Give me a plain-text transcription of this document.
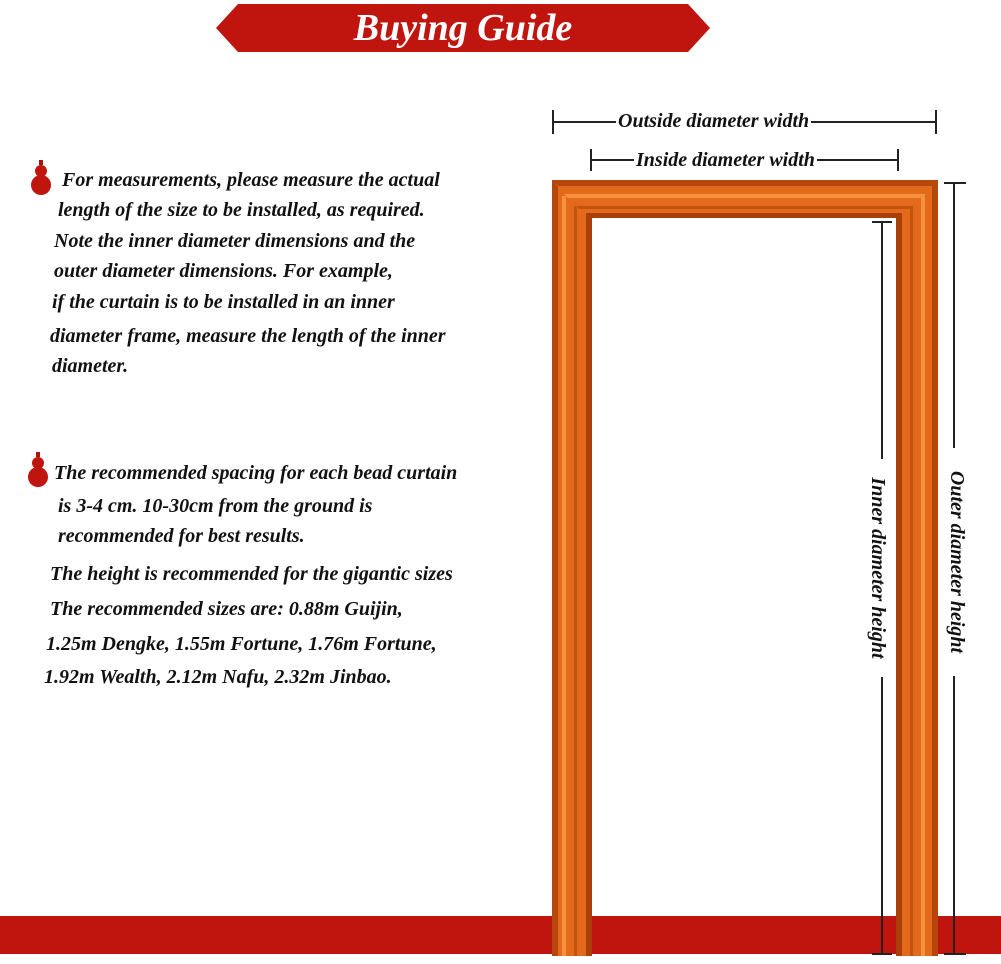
Buying Guide
Outside diameter width
Inside diameter width
Inner diameter height	Outer diameter height
For measurements, please measure the actual
length of the size to be installed, as required.
Note the inner diameter dimensions and the
outer diameter dimensions. For example,
if the curtain is to be installed in an inner
diameter frame, measure the length of the inner
diameter.
The recommended spacing for each bead curtain
is 3-4 cm. 10-30cm from the ground is
recommended for best results.
The height is recommended for the gigantic sizes
The recommended sizes are: 0.88m Guijin,
1.25m Dengke, 1.55m Fortune, 1.76m Fortune,
1.92m Wealth, 2.12m Nafu, 2.32m Jinbao.
